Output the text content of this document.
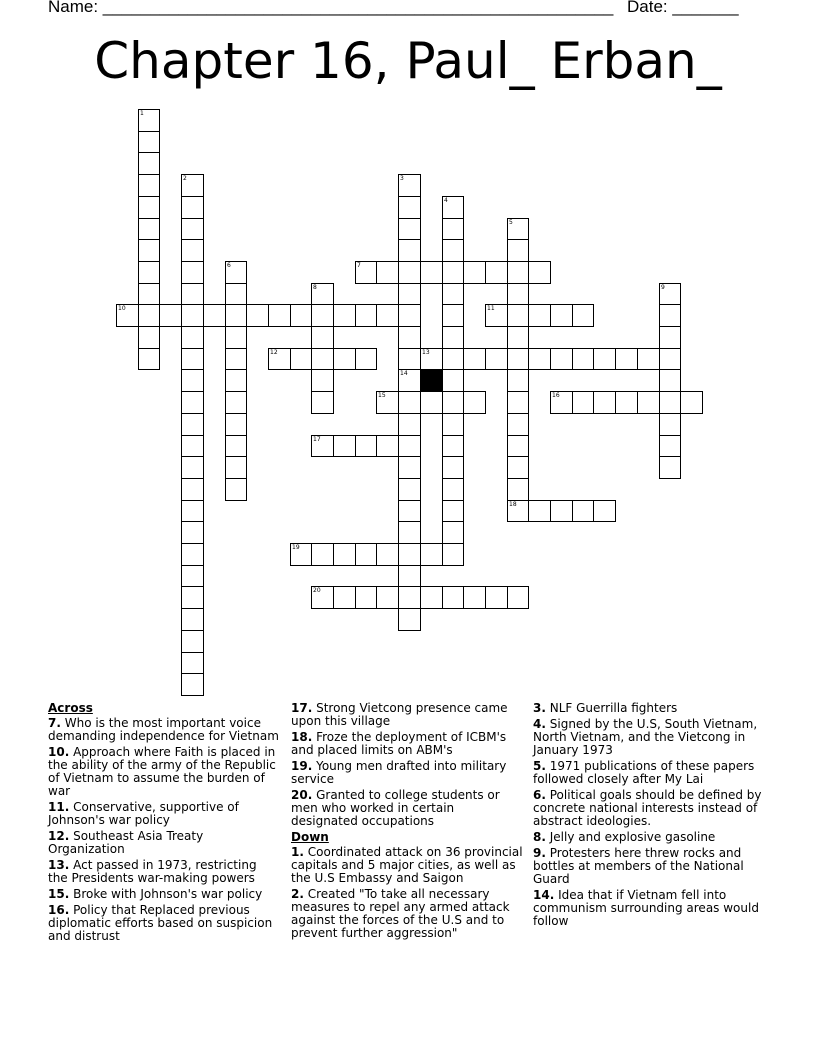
Name: ______________________________________________________ Date: _______
Chapter 16, Paul_ Erban_
1
2	3
14
4
5
6	7
8	9
10	11
12	13
15	16
17
18
19
20
Across
7. Who is the most important voice demanding independence for Vietnam
10. Approach where Faith is placed in the ability of the army of the Republic of Vietnam to assume the burden of war
11. Conservative, supportive of Johnson's war policy
12. Southeast Asia Treaty Organization
13. Act passed in 1973, restricting the Presidents war-making powers
15. Broke with Johnson's war policy
16. Policy that Replaced previous diplomatic efforts based on suspicion and distrust
17. Strong Vietcong presence came upon this village
18. Froze the deployment of ICBM's and placed limits on ABM's
19. Young men drafted into military service
20. Granted to college students or men who worked in certain designated occupations
Down
1. Coordinated attack on 36 provincial capitals and 5 major cities, as well as the U.S Embassy and Saigon
2. Created "To take all necessary measures to repel any armed attack against the forces of the U.S and to prevent further aggression"
3. NLF Guerrilla fighters
4. Signed by the U.S, South Vietnam, North Vietnam, and the Vietcong in January 1973
5. 1971 publications of these papers followed closely after My Lai
6. Political goals should be defined by concrete national interests instead of abstract ideologies.
8. Jelly and explosive gasoline
9. Protesters here threw rocks and bottles at members of the National Guard
14. Idea that if Vietnam fell into communism surrounding areas would follow
